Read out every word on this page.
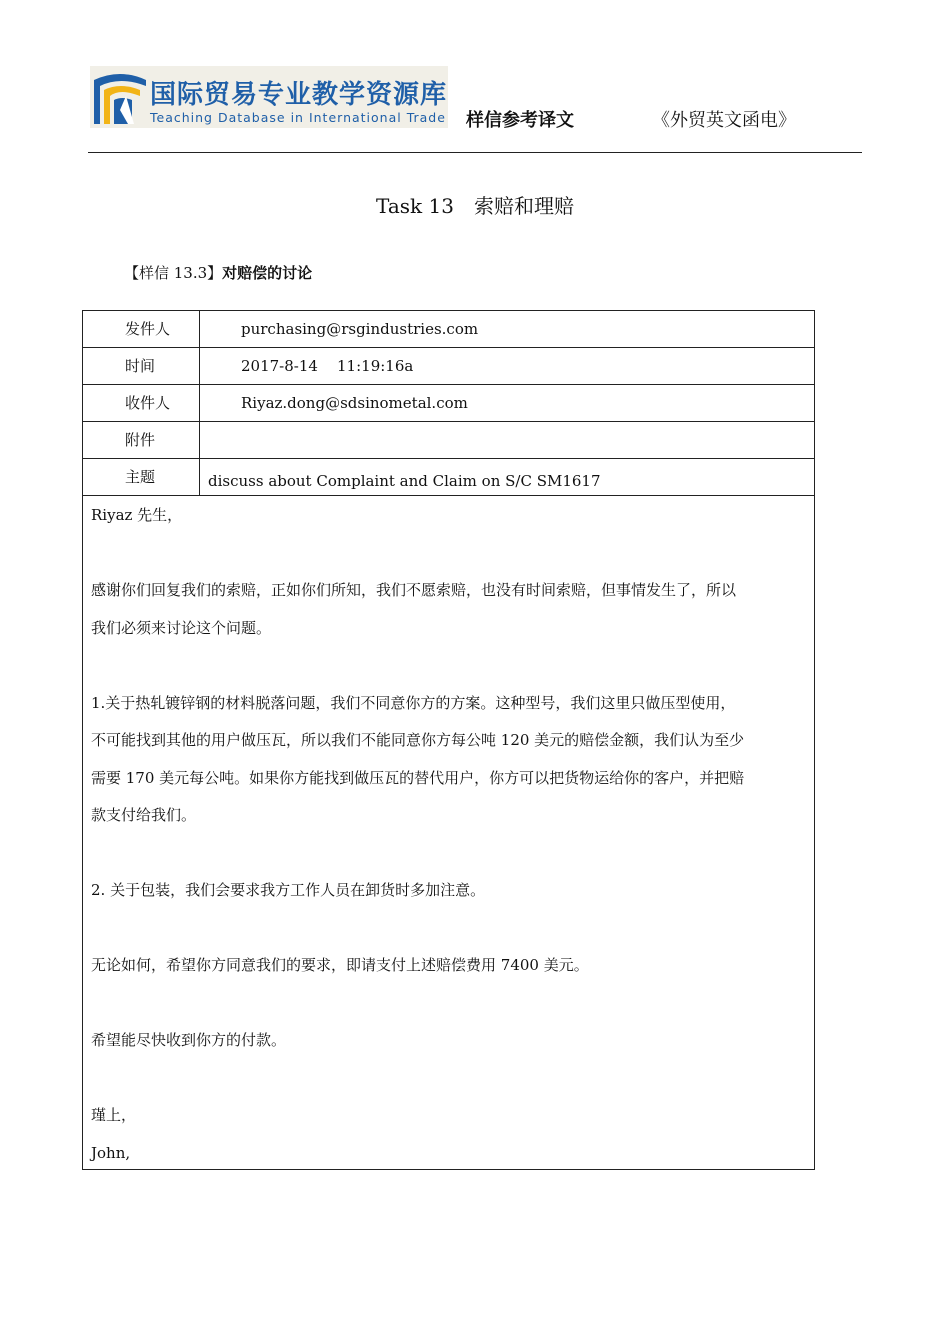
国际贸易专业教学资源库
Teaching Database in International Trade 样信参考译文	《外贸英文函电》
Task 13 索赔和理赔
【样信 13.3】对赔偿的讨论
发件人	purchasing@rsgindustries.com
时间	2017-8-14    11:19:16a
收件人	Riyaz.dong@sdsinometal.com
附件
主题	discuss about Complaint and Claim on S/C SM1617

Riyaz 先生，

感谢你们回复我们的索赔，正如你们所知，我们不愿索赔，也没有时间索赔，但事情发生了，所以

我们必须来讨论这个问题。

1.关于热轧镀锌钢的材料脱落问题，我们不同意你方的方案。这种型号，我们这里只做压型使用，

不可能找到其他的用户做压瓦，所以我们不能同意你方每公吨 120 美元的赔偿金额，我们认为至少

需要 170 美元每公吨。如果你方能找到做压瓦的替代用户，你方可以把货物运给你的客户，并把赔

款支付给我们。

2. 关于包装，我们会要求我方工作人员在卸货时多加注意。

无论如何，希望你方同意我们的要求，即请支付上述赔偿费用 7400 美元。

希望能尽快收到你方的付款。

瑾上，

John,
